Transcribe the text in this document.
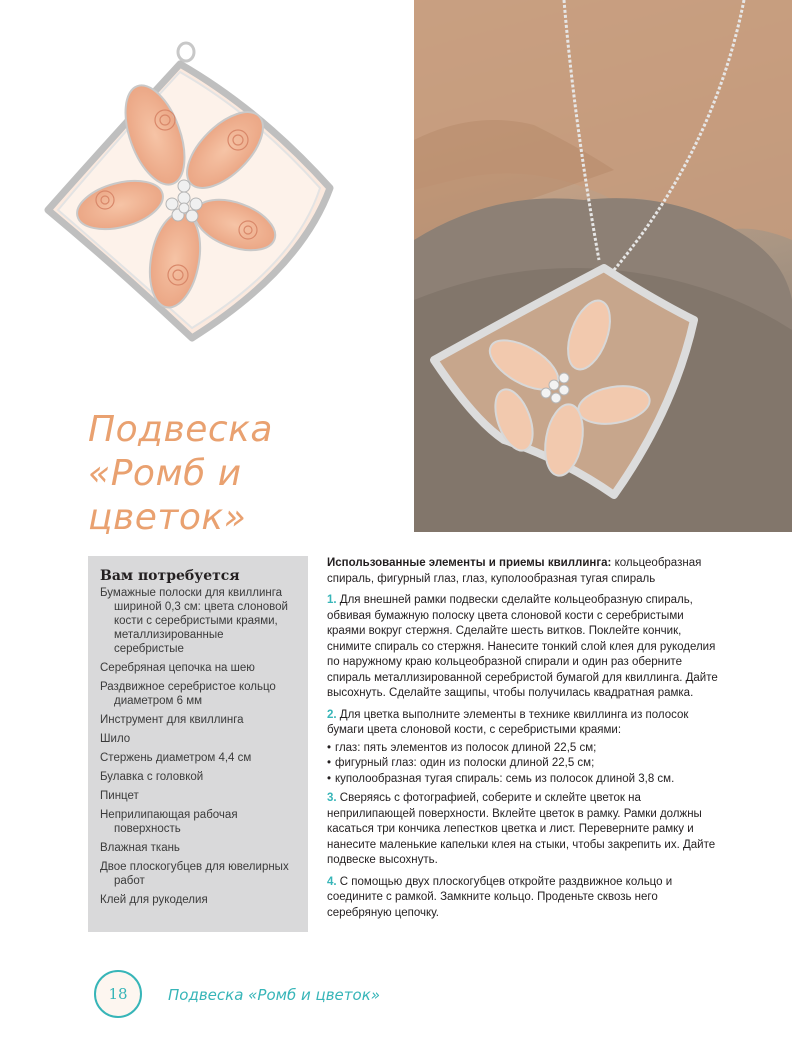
Подвеска
«Ромб и
цветок»
Вам потребуется
Бумажные полоски для квиллинга
шириной 0,3 см: цвета слоновой
кости с серебристыми краями,
металлизированные серебристые
Серебряная цепочка на шею
Раздвижное серебристое кольцо
диаметром 6 мм
Инструмент для квиллинга
Шило
Стержень диаметром 4,4 см
Булавка с головкой
Пинцет
Неприлипающая рабочая
поверхность
Влажная ткань
Двое плоскогубцев для ювелирных
работ
Клей для рукоделия

Использованные элементы и приемы квиллинга: кольцеобразная спираль, фигурный глаз, глаз, куполообразная тугая спираль

1. Для внешней рамки подвески сделайте кольцеобразную спираль, обвивая бумажную полоску цвета слоновой кости с серебристыми краями вокруг стержня. Сделайте шесть витков. Поклейте кончик, снимите спираль со стержня. Нанесите тонкий слой клея для рукоделия по наружному краю кольцеобразной спирали и один раз оберните спираль металлизированной серебристой бумагой для квиллинга. Дайте высохнуть. Сделайте защипы, чтобы получилась квадратная рамка.

2. Для цветка выполните элементы в технике квиллинга из полосок бумаги цвета слоновой кости, с серебристыми краями:

• глаз: пять элементов из полосок длиной 22,5 см;
• фигурный глаз: один из полоски длиной 22,5 см;
• куполообразная тугая спираль: семь из полосок длиной 3,8 см.

3. Сверяясь с фотографией, соберите и склейте цветок на неприлипающей поверхности. Вклейте цветок в рамку. Рамки должны касаться три кончика лепестков цветка и лист. Переверните рамку и нанесите маленькие капельки клея на стыки, чтобы закрепить их. Дайте подвеске высохнуть.

4. С помощью двух плоскогубцев откройте раздвижное кольцо и соедините с рамкой. Замкните кольцо. Проденьте сквозь него серебряную цепочку.

18	Подвеска «Ромб и цветок»
